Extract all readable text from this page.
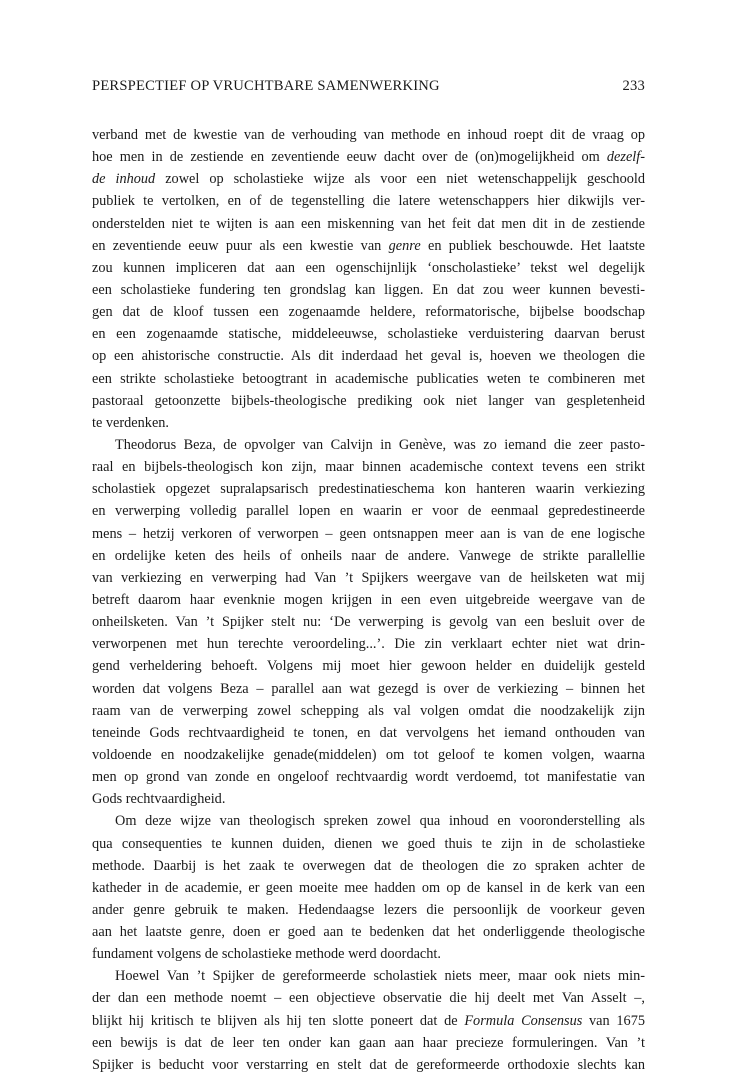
PERSPECTIEF OP VRUCHTBARE SAMENWERKING	233
verband met de kwestie van de verhouding van methode en inhoud roept dit de vraag op
hoe men in de zestiende en zeventiende eeuw dacht over de (on)mogelijkheid om dezelf-
de inhoud zowel op scholastieke wijze als voor een niet wetenschappelijk geschoold
publiek te vertolken, en of de tegenstelling die latere wetenschappers hier dikwijls ver-
onderstelden niet te wijten is aan een miskenning van het feit dat men dit in de zestiende
en zeventiende eeuw puur als een kwestie van genre en publiek beschouwde. Het laatste
zou kunnen impliceren dat aan een ogenschijnlijk ‘onscholastieke’ tekst wel degelijk
een scholastieke fundering ten grondslag kan liggen. En dat zou weer kunnen bevesti-
gen dat de kloof tussen een zogenaamde heldere, reformatorische, bijbelse boodschap
en een zogenaamde statische, middeleeuwse, scholastieke verduistering daarvan berust
op een ahistorische constructie. Als dit inderdaad het geval is, hoeven we theologen die
een strikte scholastieke betoogtrant in academische publicaties weten te combineren met
pastoraal getoonzette bijbels-theologische prediking ook niet langer van gespletenheid
te verdenken.
Theodorus Beza, de opvolger van Calvijn in Genève, was zo iemand die zeer pasto-
raal en bijbels-theologisch kon zijn, maar binnen academische context tevens een strikt
scholastiek opgezet supralapsarisch predestinatieschema kon hanteren waarin verkiezing
en verwerping volledig parallel lopen en waarin er voor de eenmaal gepredestineerde
mens – hetzij verkoren of verworpen – geen ontsnappen meer aan is van de ene logische
en ordelijke keten des heils of onheils naar de andere. Vanwege de strikte parallellie
van verkiezing en verwerping had Van ’t Spijkers weergave van de heilsketen wat mij
betreft daarom haar evenknie mogen krijgen in een even uitgebreide weergave van de
onheilsketen. Van ’t Spijker stelt nu: ‘De verwerping is gevolg van een besluit over de
verworpenen met hun terechte veroordeling...’. Die zin verklaart echter niet wat drin-
gend verheldering behoeft. Volgens mij moet hier gewoon helder en duidelijk gesteld
worden dat volgens Beza – parallel aan wat gezegd is over de verkiezing – binnen het
raam van de verwerping zowel schepping als val volgen omdat die noodzakelijk zijn
teneinde Gods rechtvaardigheid te tonen, en dat vervolgens het iemand onthouden van
voldoende en noodzakelijke genade(middelen) om tot geloof te komen volgen, waarna
men op grond van zonde en ongeloof rechtvaardig wordt verdoemd, tot manifestatie van
Gods rechtvaardigheid.
Om deze wijze van theologisch spreken zowel qua inhoud en vooronderstelling als
qua consequenties te kunnen duiden, dienen we goed thuis te zijn in de scholastieke
methode. Daarbij is het zaak te overwegen dat de theologen die zo spraken achter de
katheder in de academie, er geen moeite mee hadden om op de kansel in de kerk van een
ander genre gebruik te maken. Hedendaagse lezers die persoonlijk de voorkeur geven
aan het laatste genre, doen er goed aan te bedenken dat het onderliggende theologische
fundament volgens de scholastieke methode werd doordacht.
Hoewel Van ’t Spijker de gereformeerde scholastiek niets meer, maar ook niets min-
der dan een methode noemt – een objectieve observatie die hij deelt met Van Asselt –,
blijkt hij kritisch te blijven als hij ten slotte poneert dat de Formula Consensus van 1675
een bewijs is dat de leer ten onder kan gaan aan haar precieze formuleringen. Van ’t
Spijker is beducht voor verstarring en stelt dat de gereformeerde orthodoxie slechts kan
